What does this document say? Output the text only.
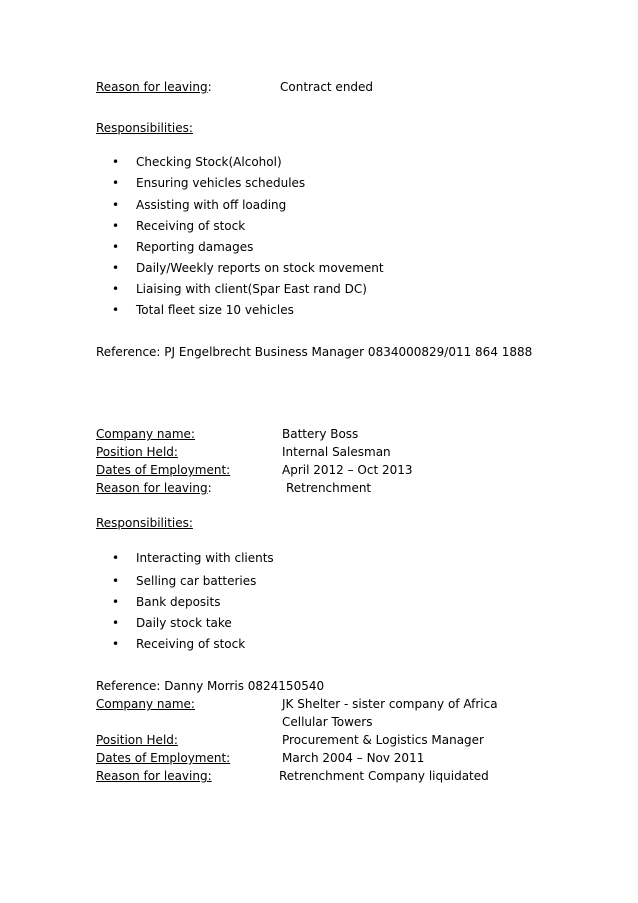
Reason for leaving:	Contract ended
Responsibilities:
• Checking Stock(Alcohol)
• Ensuring vehicles schedules
• Assisting with off loading
• Receiving of stock
• Reporting damages
• Daily/Weekly reports on stock movement
• Liaising with client(Spar East rand DC)
• Total fleet size 10 vehicles
Reference: PJ Engelbrecht Business Manager 0834000829/011 864 1888
Company name:	Battery Boss
Position Held:	Internal Salesman
Dates of Employment:	April 2012 – Oct 2013
Reason for leaving:	Retrenchment
Responsibilities:
• Interacting with clients
• Selling car batteries
• Bank deposits
• Daily stock take
• Receiving of stock
Reference: Danny Morris 0824150540
Company name:	JK Shelter - sister company of Africa
Cellular Towers
Position Held:	Procurement & Logistics Manager
Dates of Employment:	March 2004 – Nov 2011
Reason for leaving:	Retrenchment Company liquidated
